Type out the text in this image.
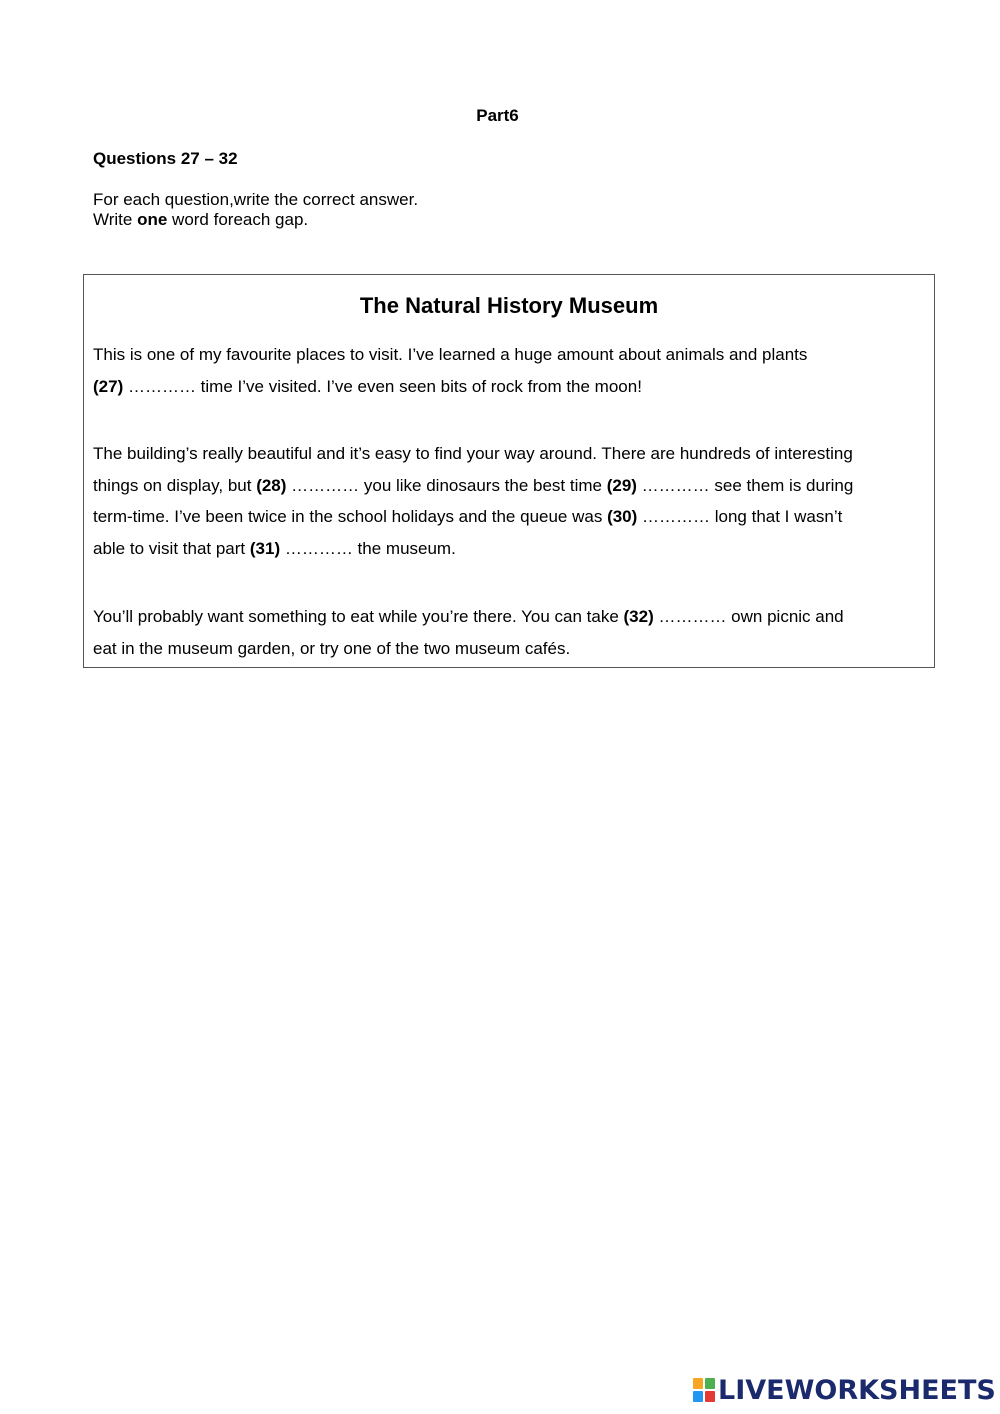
Part6
Questions 27 – 32
For each question,write the correct answer.
Write one word foreach gap.
The Natural History Museum
This is one of my favourite places to visit. I’ve learned a huge amount about animals and plants
(27) ………… time I’ve visited. I’ve even seen bits of rock from the moon!
The building’s really beautiful and it’s easy to find your way around. There are hundreds of interesting
things on display, but (28) ………… you like dinosaurs the best time (29) ………… see them is during
term-time. I’ve been twice in the school holidays and the queue was (30) ………… long that I wasn’t
able to visit that part (31) ………… the museum.
You’ll probably want something to eat while you’re there. You can take (32) ………… own picnic and
eat in the museum garden, or try one of the two museum cafés.
LIVEWORKSHEETS
